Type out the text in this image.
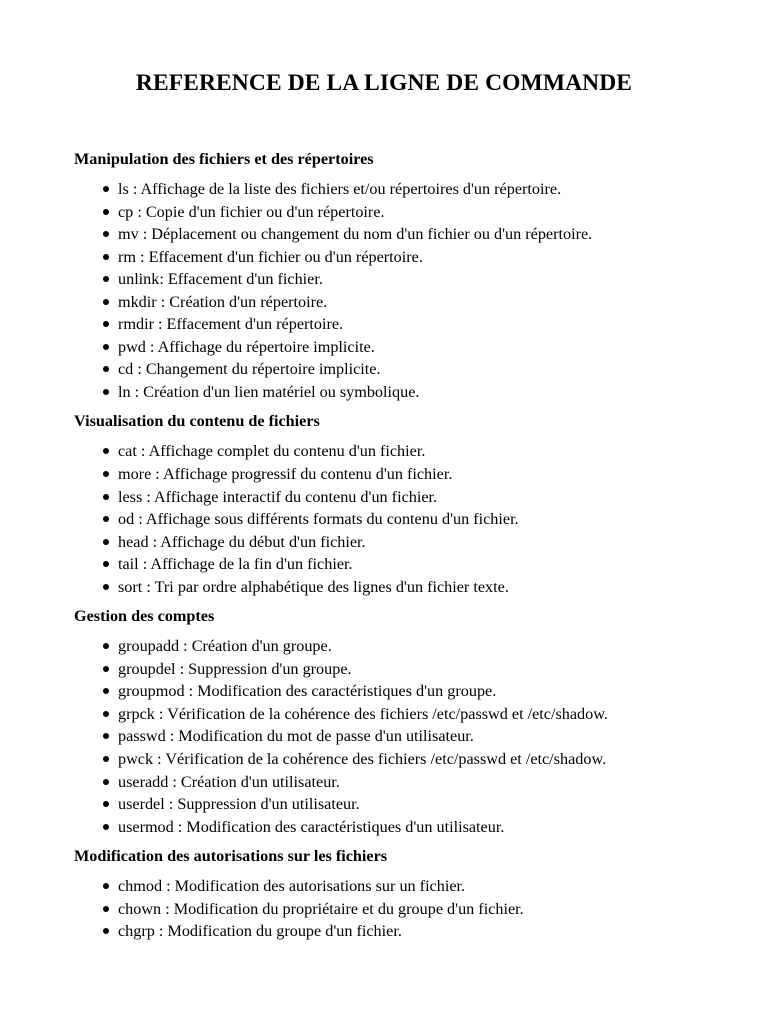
REFERENCE DE LA LIGNE DE COMMANDE
Manipulation des fichiers et des répertoires
ls : Affichage de la liste des fichiers et/ou répertoires d'un répertoire.
cp : Copie d'un fichier ou d'un répertoire.
mv : Déplacement ou changement du nom d'un fichier ou d'un répertoire.
rm : Effacement d'un fichier ou d'un répertoire.
unlink: Effacement d'un fichier.
mkdir : Création d'un répertoire.
rmdir : Effacement d'un répertoire.
pwd : Affichage du répertoire implicite.
cd : Changement du répertoire implicite.
ln : Création d'un lien matériel ou symbolique.
Visualisation du contenu de fichiers
cat : Affichage complet du contenu d'un fichier.
more : Affichage progressif du contenu d'un fichier.
less : Affichage interactif du contenu d'un fichier.
od : Affichage sous différents formats du contenu d'un fichier.
head : Affichage du début d'un fichier.
tail : Affichage de la fin d'un fichier.
sort : Tri par ordre alphabétique des lignes d'un fichier texte.
Gestion des comptes
groupadd : Création d'un groupe.
groupdel : Suppression d'un groupe.
groupmod : Modification des caractéristiques d'un groupe.
grpck : Vérification de la cohérence des fichiers /etc/passwd et /etc/shadow.
passwd : Modification du mot de passe d'un utilisateur.
pwck : Vérification de la cohérence des fichiers /etc/passwd et /etc/shadow.
useradd : Création d'un utilisateur.
userdel : Suppression d'un utilisateur.
usermod : Modification des caractéristiques d'un utilisateur.
Modification des autorisations sur les fichiers
chmod : Modification des autorisations sur un fichier.
chown : Modification du propriétaire et du groupe d'un fichier.
chgrp : Modification du groupe d'un fichier.
